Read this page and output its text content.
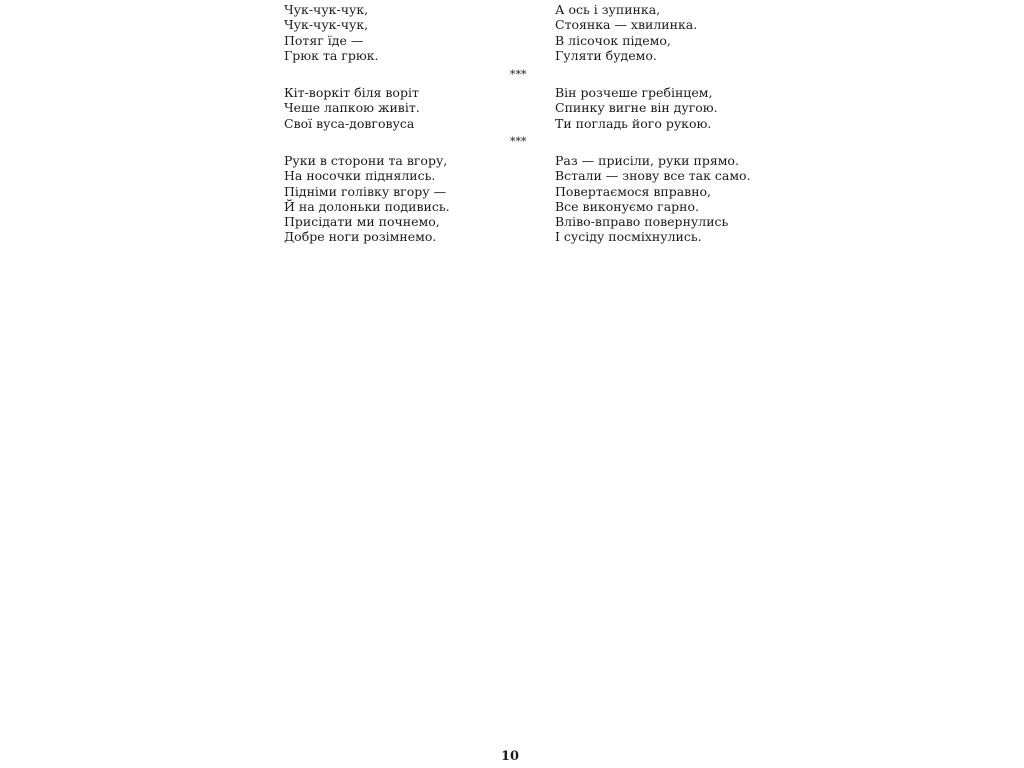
Чук-чук-чук,
Чук-чук-чук,
Потяг їде —
Грюк та грюк.
А ось і зупинка,
Стоянка — хвилинка.
В лісочок підемо,
Гуляти будемо.
***
Кіт-воркіт біля воріт
Чеше лапкою живіт.
Свої вуса-довговуса
Він розчеше гребінцем,
Спинку вигне він дугою.
Ти погладь його рукою.
***
Руки в сторони та вгору,
На носочки піднялись.
Підніми голівку вгору —
Й на долоньки подивись.
Присідати ми почнемо,
Добре ноги розімнемо.
Раз — присіли, руки прямо.
Встали — знову все так само.
Повертаємося вправно,
Все виконуємо гарно.
Вліво-вправо повернулись
І сусіду посміхнулись.
10
